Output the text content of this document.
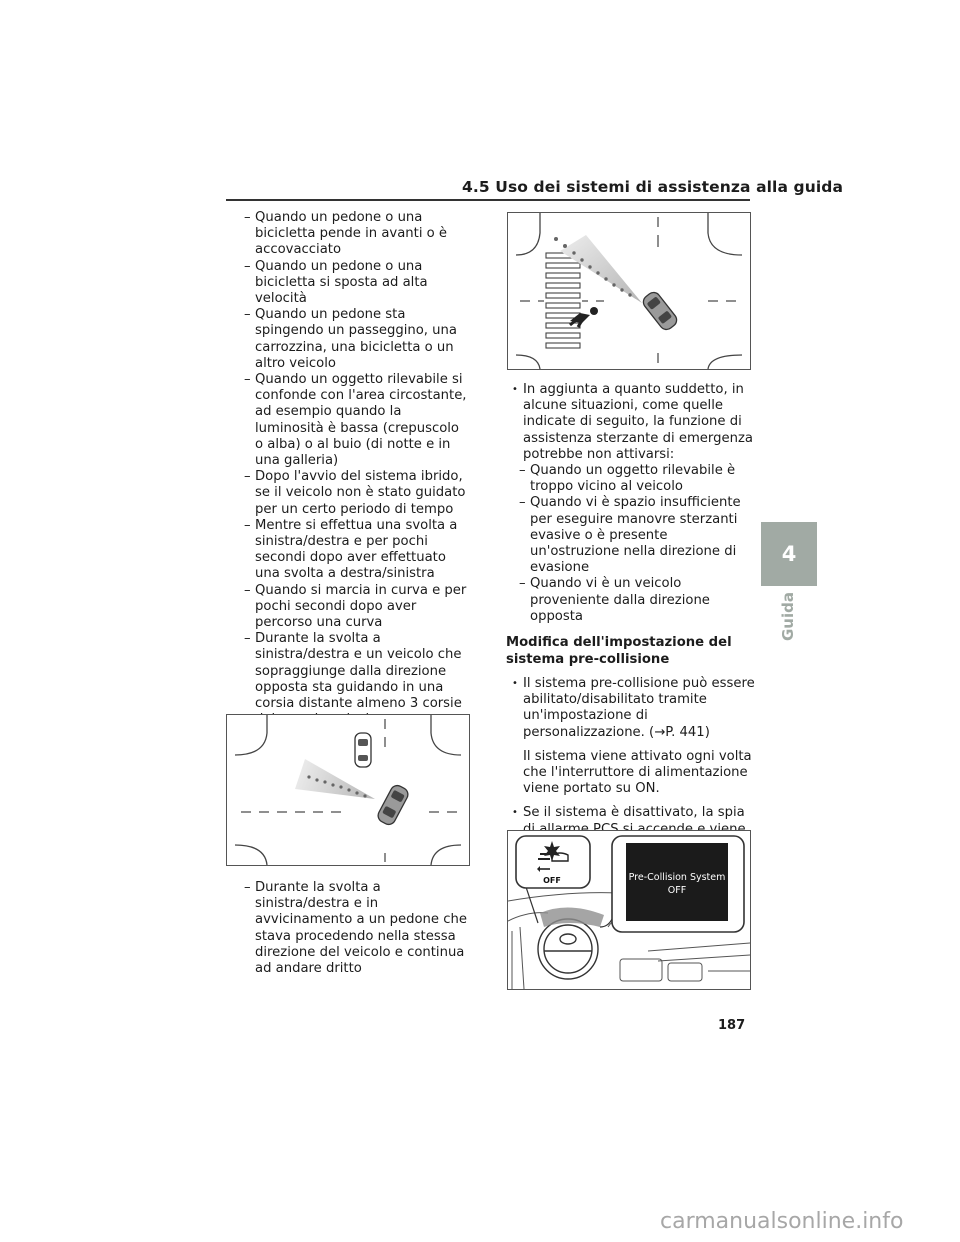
4.5 Uso dei sistemi di assistenza alla guida
– Quando un pedone o una bicicletta pende in avanti o è accovacciato
– Quando un pedone o una bicicletta si sposta ad alta velocità
– Quando un pedone sta spingendo un passeggino, una carrozzina, una bicicletta o un altro veicolo
– Quando un oggetto rilevabile si confonde con l'area circostante, ad esempio quando la luminosità è bassa (crepuscolo o alba) o al buio (di notte e in una galleria)
– Dopo l'avvio del sistema ibrido, se il veicolo non è stato guidato per un certo periodo di tempo
– Mentre si effettua una svolta a sinistra/destra e per pochi secondi dopo aver effettuato una svolta a destra/sinistra
– Quando si marcia in curva e per pochi secondi dopo aver percorso una curva
– Durante la svolta a sinistra/destra e un veicolo che sopraggiunge dalla direzione opposta sta guidando in una corsia distante almeno 3 corsie
–
– Durante la svolta a sinistra/destra e in avvicinamento a un pedone che stava procedendo nella stessa direzione del veicolo e continua ad andare dritto
• In aggiunta a quanto suddetto, in alcune situazioni, come quelle indicate di seguito, la funzione di assistenza sterzante di emergenza potrebbe non attivarsi:
– Quando un oggetto rilevabile è troppo vicino al veicolo
– Quando vi è spazio insufficiente per eseguire manovre sterzanti evasive o è presente un'ostruzione nella direzione di evasione
– Quando vi è un veicolo proveniente dalla direzione opposta
Modifica dell'impostazione del sistema pre-collisione
• Il sistema pre-collisione può essere abilitato/disabilitato tramite un'impostazione di personalizzazione. (→P. 441)
Il sistema viene attivato ogni volta che l'interruttore di alimentazione viene portato su ON.
• Se il sistema è disattivato, la spia
OFF	Pre-Collision System
OFF
4
Guida
187
carmanualsonline.info
